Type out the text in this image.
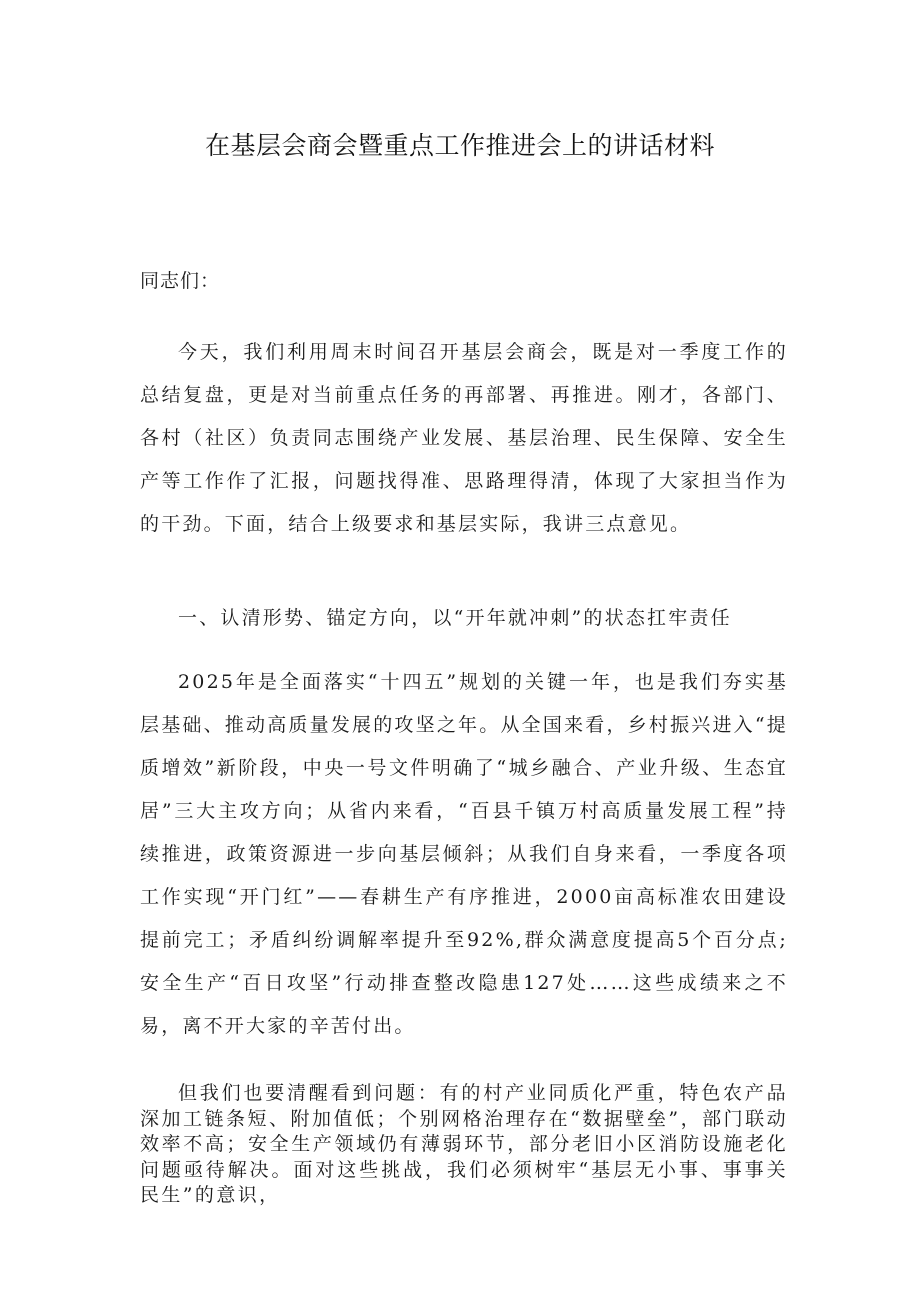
在基层会商会暨重点工作推进会上的讲话材料

同志们：

今天，我们利用周末时间召开基层会商会，既是对一季度工作的总结复盘，更是对当前重点任务的再部署、再推进。刚才，各部门、各村（社区）负责同志围绕产业发展、基层治理、民生保障、安全生产等工作作了汇报，问题找得准、思路理得清，体现了大家担当作为的干劲。下面，结合上级要求和基层实际，我讲三点意见。

一、认清形势、锚定方向，以“开年就冲刺”的状态扛牢责任

2025年是全面落实“十四五”规划的关键一年，也是我们夯实基层基础、推动高质量发展的攻坚之年。从全国来看，乡村振兴进入“提质增效”新阶段，中央一号文件明确了“城乡融合、产业升级、生态宜居”三大主攻方向；从省内来看，“百县千镇万村高质量发展工程”持续推进，政策资源进一步向基层倾斜；从我们自身来看，一季度各项工作实现“开门红”——春耕生产有序推进，2000亩高标准农田建设提前完工；矛盾纠纷调解率提升至92%,群众满意度提高5个百分点;安全生产“百日攻坚”行动排查整改隐患127处……这些成绩来之不易，离不开大家的辛苦付出。

但我们也要清醒看到问题：有的村产业同质化严重，特色农产品深加工链条短、附加值低；个别网格治理存在“数据壁垒”，部门联动效率不高；安全生产领域仍有薄弱环节，部分老旧小区消防设施老化问题亟待解决。面对这些挑战，我们必须树牢“基层无小事、事事关民生”的意识，
